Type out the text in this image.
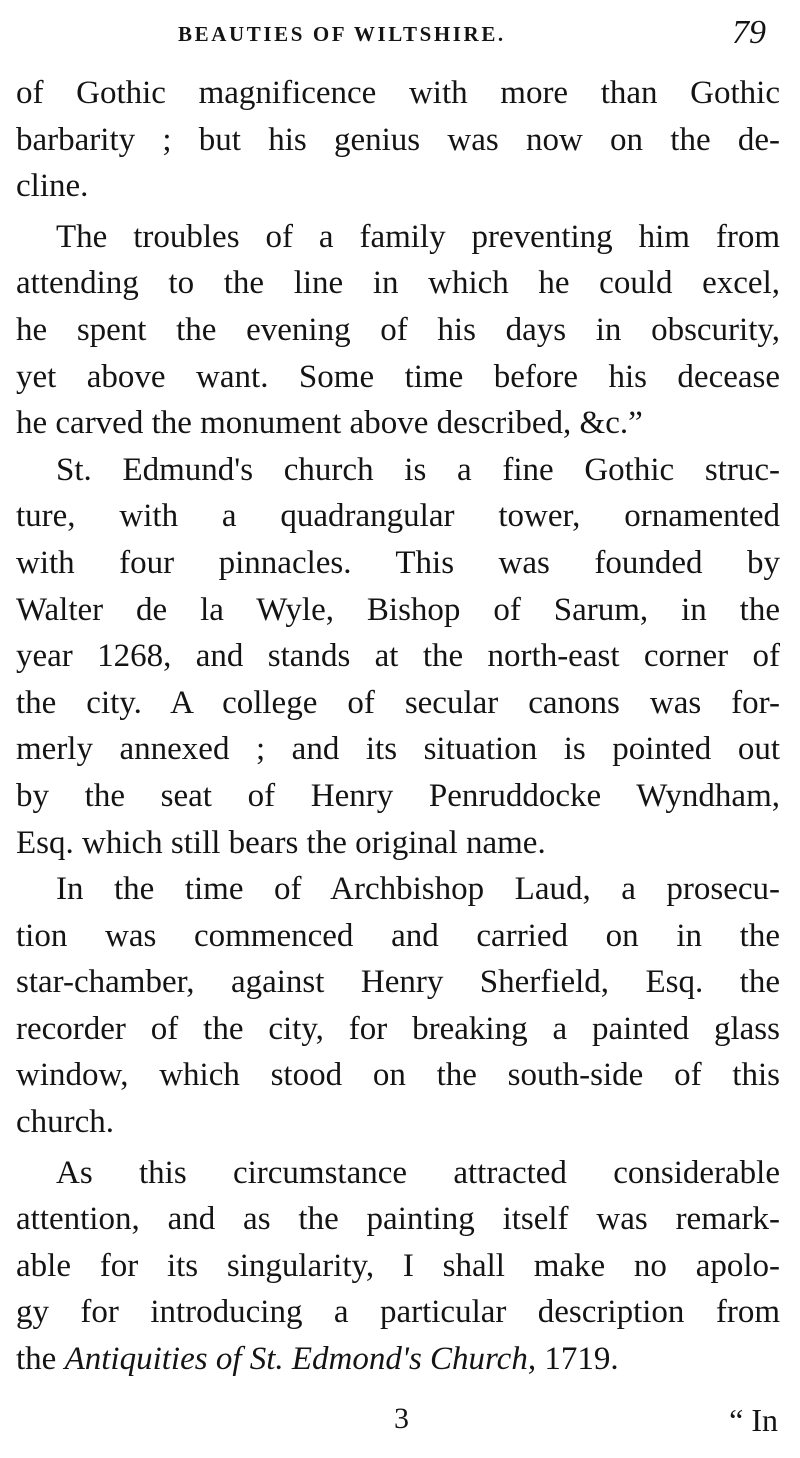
BEAUTIES OF WILTSHIRE.	79
of Gothic magnificence with more than Gothic
barbarity ; but his genius was now on the de-
cline.
The troubles of a family preventing him from
attending to the line in which he could excel,
he spent the evening of his days in obscurity,
yet above want. Some time before his decease
he carved the monument above described, &c.”
St. Edmund's church is a fine Gothic struc-
ture, with a quadrangular tower, ornamented
with four pinnacles. This was founded by
Walter de la Wyle, Bishop of Sarum, in the
year 1268, and stands at the north-east corner of
the city. A college of secular canons was for-
merly annexed ; and its situation is pointed out
by the seat of Henry Penruddocke Wyndham,
Esq. which still bears the original name.
In the time of Archbishop Laud, a prosecu-
tion was commenced and carried on in the
star-chamber, against Henry Sherfield, Esq. the
recorder of the city, for breaking a painted glass
window, which stood on the south-side of this
church.
As this circumstance attracted considerable
attention, and as the painting itself was remark-
able for its singularity, I shall make no apolo-
gy for introducing a particular description from
the Antiquities of St. Edmond's Church, 1719.
3	“ In
